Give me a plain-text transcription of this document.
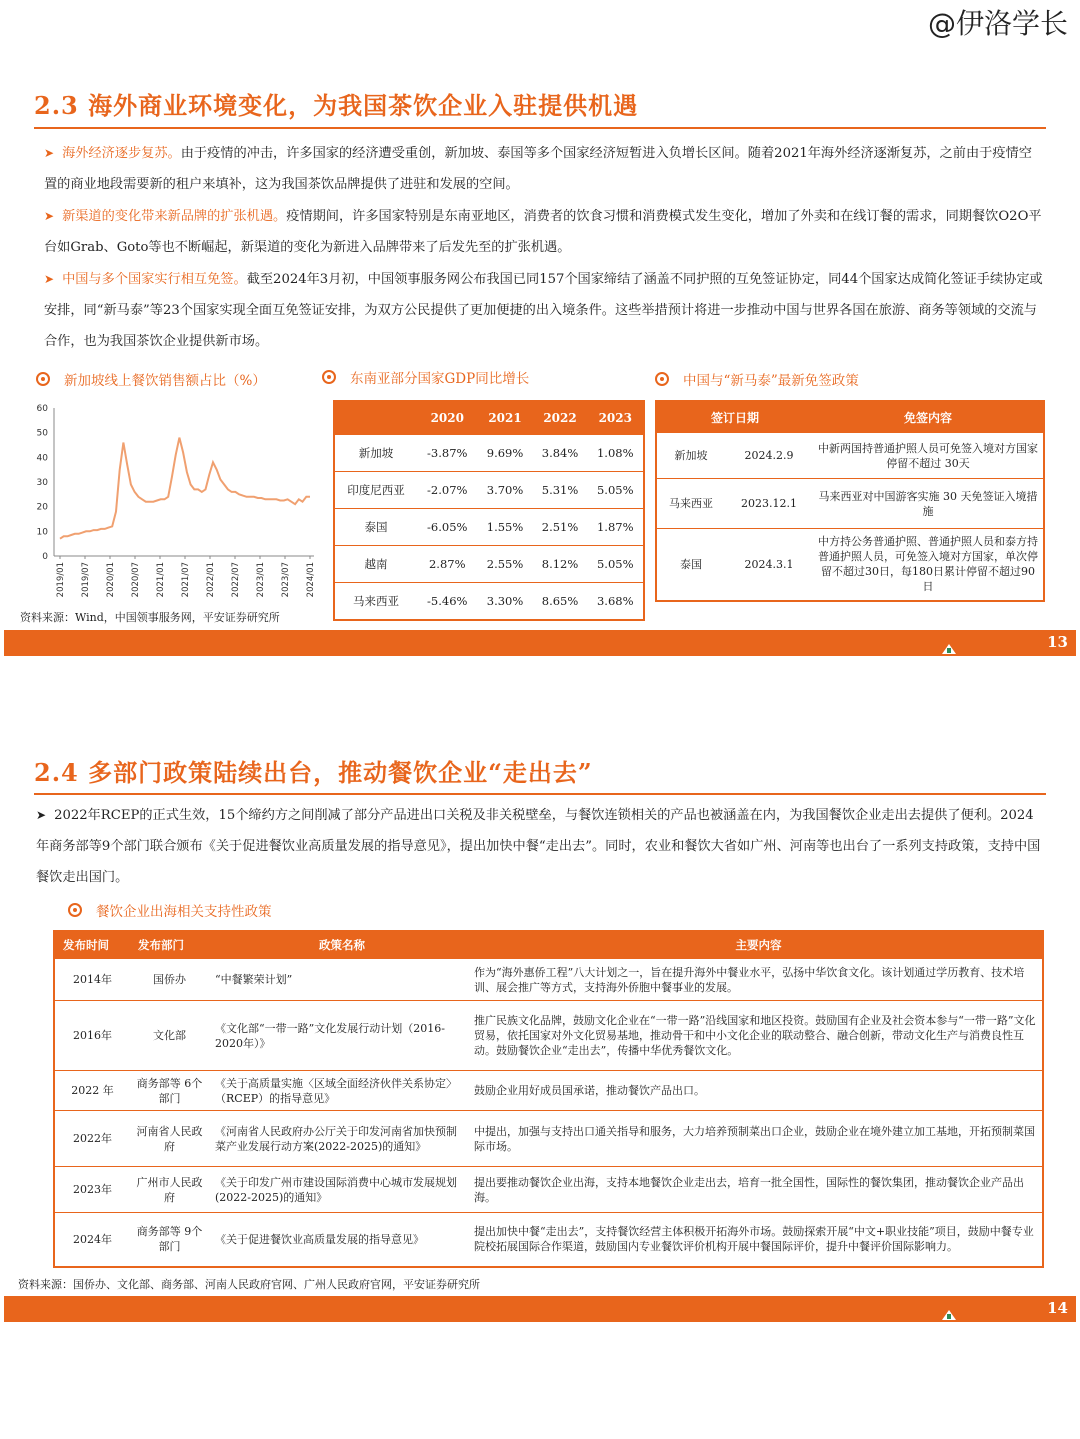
@伊洛学长
2.3 海外商业环境变化，为我国茶饮企业入驻提供机遇
➤ 海外经济逐步复苏。由于疫情的冲击，许多国家的经济遭受重创，新加坡、泰国等多个国家经济短暂进入负增长区间。随着2021年海外经济逐渐复苏，之前由于疫情空置的商业地段需要新的租户来填补，这为我国茶饮品牌提供了进驻和发展的空间。
➤ 新渠道的变化带来新品牌的扩张机遇。疫情期间，许多国家特别是东南亚地区，消费者的饮食习惯和消费模式发生变化，增加了外卖和在线订餐的需求，同期餐饮O2O平台如Grab、Goto等也不断崛起，新渠道的变化为新进入品牌带来了后发先至的扩张机遇。
➤ 中国与多个国家实行相互免签。截至2024年3月初，中国领事服务网公布我国已同157个国家缔结了涵盖不同护照的互免签证协定，同44个国家达成简化签证手续协定或安排，同“新马泰”等23个国家实现全面互免签证安排，为双方公民提供了更加便捷的出入境条件。这些举措预计将进一步推动中国与世界各国在旅游、商务等领域的交流与合作，也为我国茶饮企业提供新市场。
新加坡线上餐饮销售额占比（%）	东南亚部分国家GDP同比增长	中国与“新马泰”最新免签政策
0
10
20
30
40
50
60
2019/01 2019/07 2020/01 2020/07 2021/01 2021/07 2022/01 2022/07 2023/01 2023/07 2024/01
	2020	2021	2022	2023
新加坡	-3.87%	9.69%	3.84%	1.08%
印度尼西亚	-2.07%	3.70%	5.31%	5.05%
泰国	-6.05%	1.55%	2.51%	1.87%
越南	2.87%	2.55%	8.12%	5.05%
马来西亚	-5.46%	3.30%	8.65%	3.68%
签订日期		免签内容
新加坡	2024.2.9	中新两国持普通护照人员可免签入境对方国家停留不超过 30天
马来西亚	2023.12.1	马来西亚对中国游客实施 30 天免签证入境措施
泰国	2024.3.1	中方持公务普通护照、普通护照人员和泰方持普通护照人员，可免签入境对方国家，单次停留不超过30日，每180日累计停留不超过90日
资料来源：Wind，中国领事服务网，平安证券研究所
13
2.4 多部门政策陆续出台，推动餐饮企业“走出去”
➤ 2022年RCEP的正式生效，15个缔约方之间削减了部分产品进出口关税及非关税壁垒，与餐饮连锁相关的产品也被涵盖在内，为我国餐饮企业走出去提供了便利。2024年商务部等9个部门联合颁布《关于促进餐饮业高质量发展的指导意见》，提出加快中餐“走出去”。同时，农业和餐饮大省如广州、河南等也出台了一系列支持政策，支持中国餐饮走出国门。
餐饮企业出海相关支持性政策
发布时间	发布部门	政策名称	主要内容
2014年	国侨办	“中餐繁荣计划”	作为“海外惠侨工程”八大计划之一，旨在提升海外中餐业水平，弘扬中华饮食文化。该计划通过学历教育、技术培训、展会推广等方式，支持海外侨胞中餐事业的发展。
2016年	文化部	《文化部“一带一路”文化发展行动计划（2016-2020年）》	推广民族文化品牌，鼓励文化企业在“一带一路”沿线国家和地区投资。鼓励国有企业及社会资本参与“一带一路”文化贸易，依托国家对外文化贸易基地，推动骨干和中小文化企业的联动整合、融合创新，带动文化生产与消费良性互动。鼓励餐饮企业“走出去”，传播中华优秀餐饮文化。
2022 年	商务部等 6个部门	《关于高质量实施〈区域全面经济伙伴关系协定〉（RCEP）的指导意见》	鼓励企业用好成员国承诺，推动餐饮产品出口。
2022年	河南省人民政府	《河南省人民政府办公厅关于印发河南省加快预制菜产业发展行动方案(2022-2025)的通知》	中提出，加强与支持出口通关指导和服务，大力培养预制菜出口企业，鼓励企业在境外建立加工基地，开拓预制菜国际市场。
2023年	广州市人民政府	《关于印发广州市建设国际消费中心城市发展规划(2022-2025)的通知》	提出要推动餐饮企业出海，支持本地餐饮企业走出去，培育一批全国性，国际性的餐饮集团，推动餐饮企业产品出海。
2024年	商务部等 9个部门	《关于促进餐饮业高质量发展的指导意见》	提出加快中餐“走出去”，支持餐饮经营主体积极开拓海外市场。鼓励探索开展“中文+职业技能”项目，鼓励中餐专业院校拓展国际合作渠道，鼓励国内专业餐饮评价机构开展中餐国际评价，提升中餐评价国际影响力。
资料来源：国侨办、文化部、商务部、河南人民政府官网、广州人民政府官网，平安证券研究所
14
